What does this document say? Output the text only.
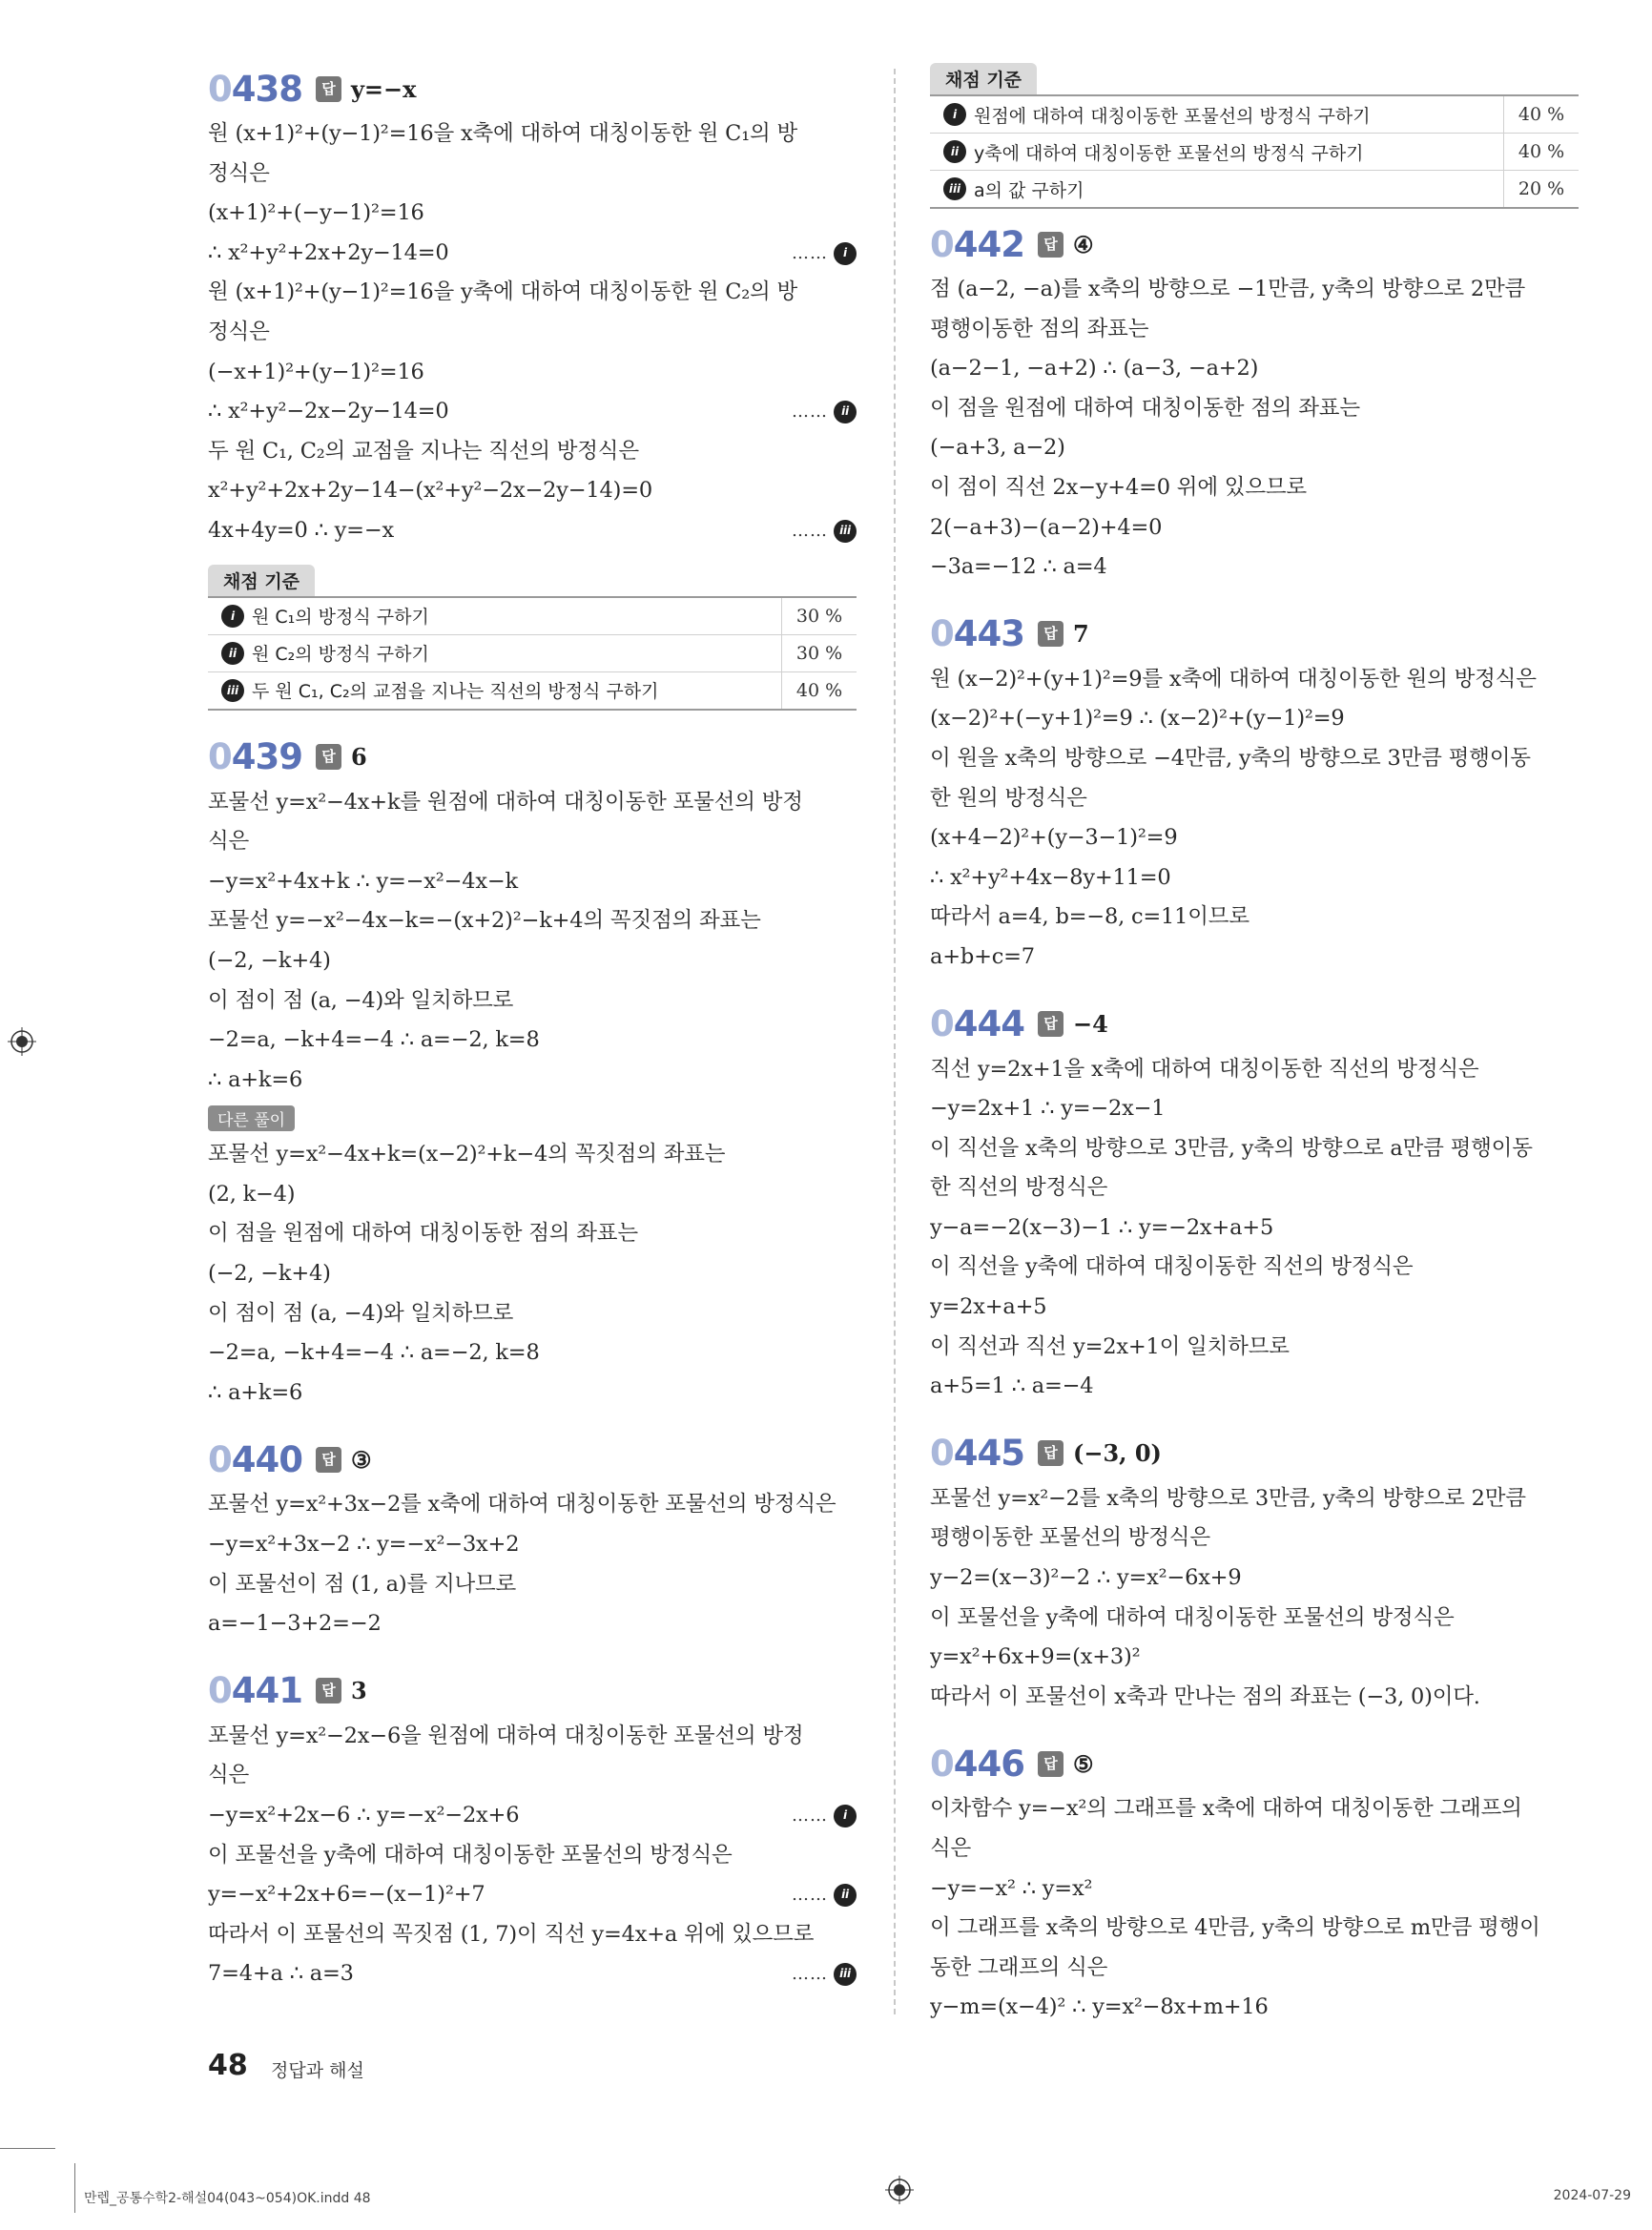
0438	답 y=−x
원 (x+1)²+(y−1)²=16을 x축에 대하여 대칭이동한 원 C₁의 방
정식은
(x+1)²+(−y−1)²=16
∴ x²+y²+2x+2y−14=0	……	i
원 (x+1)²+(y−1)²=16을 y축에 대하여 대칭이동한 원 C₂의 방
정식은
(−x+1)²+(y−1)²=16
∴ x²+y²−2x−2y−14=0	……	ii
두 원 C₁, C₂의 교점을 지나는 직선의 방정식은
x²+y²+2x+2y−14−(x²+y²−2x−2y−14)=0
4x+4y=0 ∴ y=−x	……	iii
채점 기준
i 원 C₁의 방정식 구하기	30 %
ii 원 C₂의 방정식 구하기	30 %
iii 두 원 C₁, C₂의 교점을 지나는 직선의 방정식 구하기	40 %
0439	답 6
포물선 y=x²−4x+k를 원점에 대하여 대칭이동한 포물선의 방정
식은
−y=x²+4x+k ∴ y=−x²−4x−k
포물선 y=−x²−4x−k=−(x+2)²−k+4의 꼭짓점의 좌표는
(−2, −k+4)
이 점이 점 (a, −4)와 일치하므로
−2=a, −k+4=−4 ∴ a=−2, k=8
∴ a+k=6
다른 풀이
포물선 y=x²−4x+k=(x−2)²+k−4의 꼭짓점의 좌표는
(2, k−4)
이 점을 원점에 대하여 대칭이동한 점의 좌표는
(−2, −k+4)
이 점이 점 (a, −4)와 일치하므로
−2=a, −k+4=−4 ∴ a=−2, k=8
∴ a+k=6
0440	답 ③
포물선 y=x²+3x−2를 x축에 대하여 대칭이동한 포물선의 방정식은
−y=x²+3x−2 ∴ y=−x²−3x+2
이 포물선이 점 (1, a)를 지나므로
a=−1−3+2=−2
0441	답 3
포물선 y=x²−2x−6을 원점에 대하여 대칭이동한 포물선의 방정
식은
−y=x²+2x−6 ∴ y=−x²−2x+6	……	i
이 포물선을 y축에 대하여 대칭이동한 포물선의 방정식은
y=−x²+2x+6=−(x−1)²+7	……	ii
따라서 이 포물선의 꼭짓점 (1, 7)이 직선 y=4x+a 위에 있으므로
7=4+a ∴ a=3	……	iii
채점 기준
i 원점에 대하여 대칭이동한 포물선의 방정식 구하기	40 %
ii y축에 대하여 대칭이동한 포물선의 방정식 구하기	40 %
iii a의 값 구하기	20 %
0442	답 ④
점 (a−2, −a)를 x축의 방향으로 −1만큼, y축의 방향으로 2만큼
평행이동한 점의 좌표는
(a−2−1, −a+2) ∴ (a−3, −a+2)
이 점을 원점에 대하여 대칭이동한 점의 좌표는
(−a+3, a−2)
이 점이 직선 2x−y+4=0 위에 있으므로
2(−a+3)−(a−2)+4=0
−3a=−12 ∴ a=4
0443	답 7
원 (x−2)²+(y+1)²=9를 x축에 대하여 대칭이동한 원의 방정식은
(x−2)²+(−y+1)²=9 ∴ (x−2)²+(y−1)²=9
이 원을 x축의 방향으로 −4만큼, y축의 방향으로 3만큼 평행이동
한 원의 방정식은
(x+4−2)²+(y−3−1)²=9
∴ x²+y²+4x−8y+11=0
따라서 a=4, b=−8, c=11이므로
a+b+c=7
0444	답 −4
직선 y=2x+1을 x축에 대하여 대칭이동한 직선의 방정식은
−y=2x+1 ∴ y=−2x−1
이 직선을 x축의 방향으로 3만큼, y축의 방향으로 a만큼 평행이동
한 직선의 방정식은
y−a=−2(x−3)−1 ∴ y=−2x+a+5
이 직선을 y축에 대하여 대칭이동한 직선의 방정식은
y=2x+a+5
이 직선과 직선 y=2x+1이 일치하므로
a+5=1 ∴ a=−4
0445	답 (−3, 0)
포물선 y=x²−2를 x축의 방향으로 3만큼, y축의 방향으로 2만큼
평행이동한 포물선의 방정식은
y−2=(x−3)²−2 ∴ y=x²−6x+9
이 포물선을 y축에 대하여 대칭이동한 포물선의 방정식은
y=x²+6x+9=(x+3)²
따라서 이 포물선이 x축과 만나는 점의 좌표는 (−3, 0)이다.
0446	답 ⑤
이차함수 y=−x²의 그래프를 x축에 대하여 대칭이동한 그래프의
식은
−y=−x² ∴ y=x²
이 그래프를 x축의 방향으로 4만큼, y축의 방향으로 m만큼 평행이
동한 그래프의 식은
y−m=(x−4)² ∴ y=x²−8x+m+16
48 정답과 해설
만렙_공통수학2-해설04(043~054)OK.indd 48	2024-07-29
